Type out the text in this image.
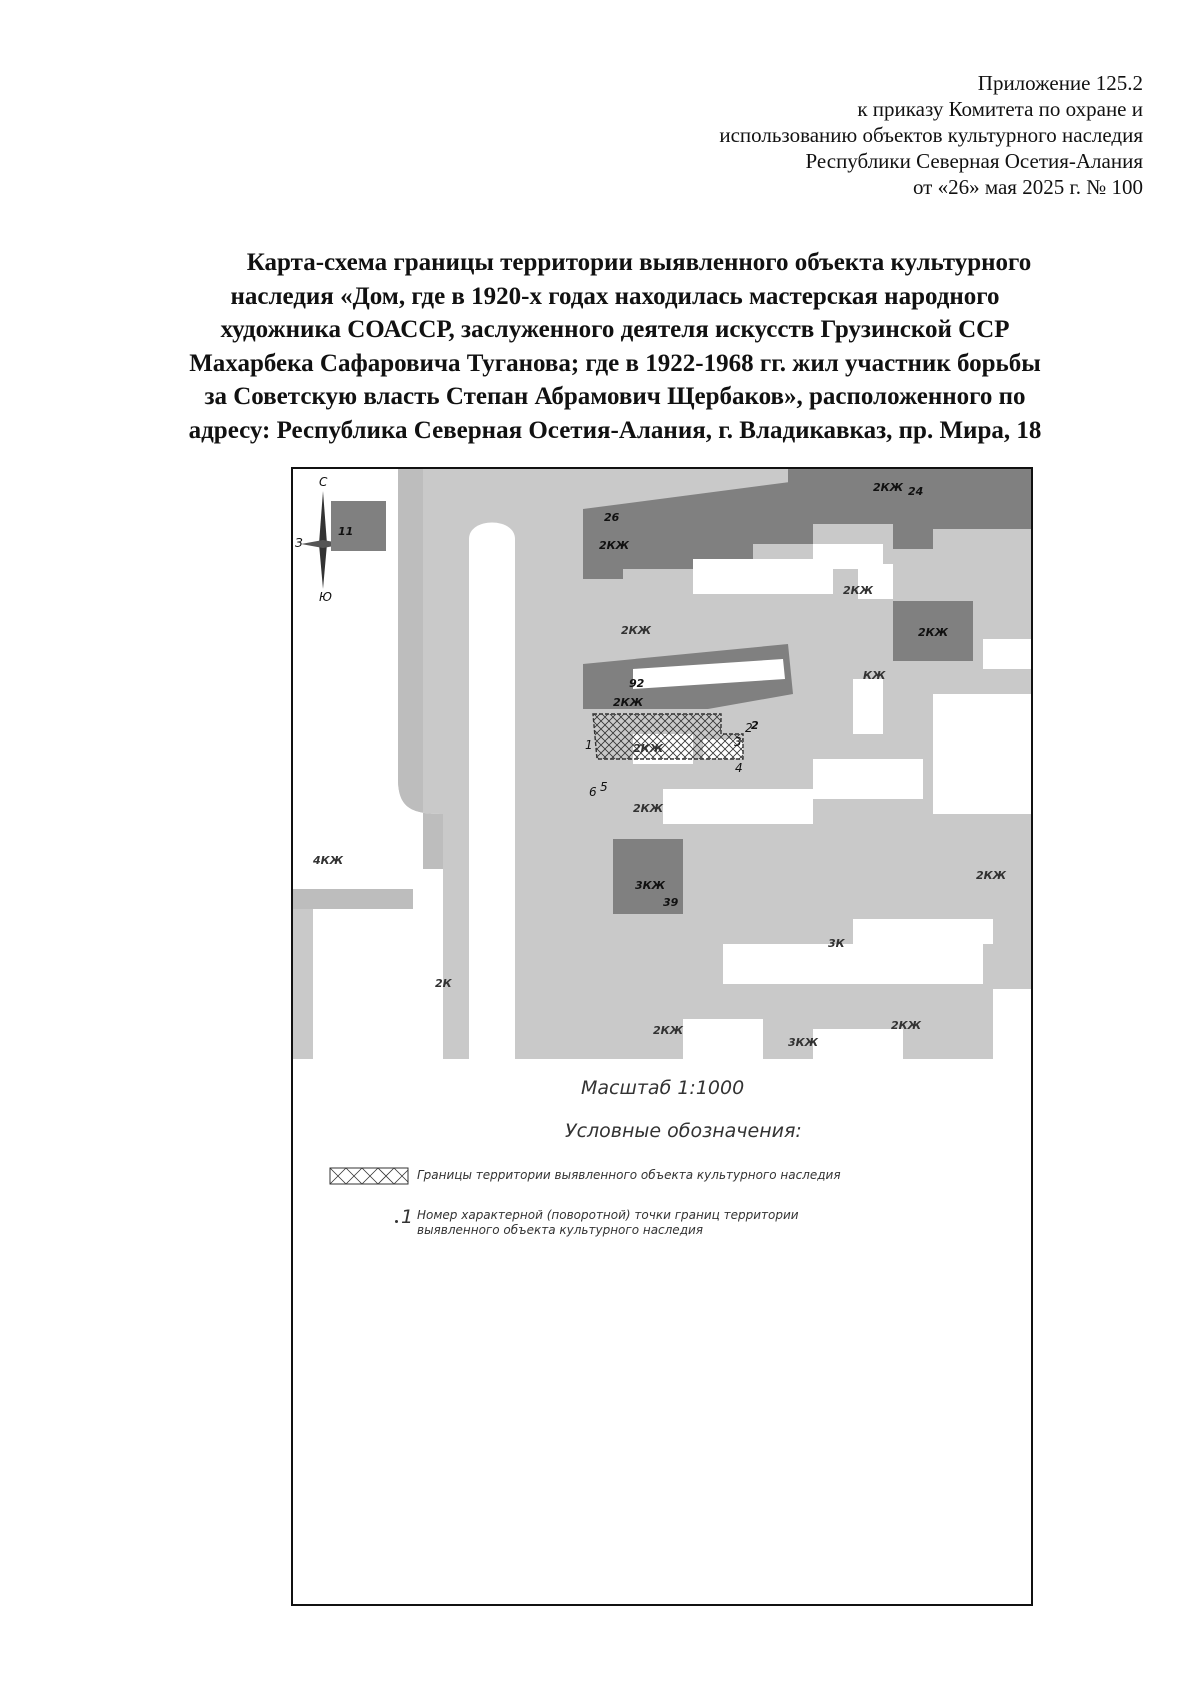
Приложение 125.2
к приказу Комитета по охране и
использованию объектов культурного наследия
Республики Северная Осетия-Алания
от «26» мая 2025 г. № 100
Карта-схема границы территории выявленного объекта культурного
наследия «Дом, где в 1920-х годах находилась мастерская народного
художника СОАССР, заслуженного деятеля искусств Грузинской ССР
Махарбека Сафаровича Туганова; где в 1922-1968 гг. жил участник борьбы
за Советскую власть Степан Абрамович Щербаков», расположенного по
адресу: Республика Северная Осетия-Алания, г. Владикавказ, пр. Мира, 18
С
З
Ю
11
2КЖ 24
26
2КЖ
2КЖ
2КЖ	2КЖ
КЖ
92
2КЖ
2
2КЖ
2КЖ
4КЖ
3КЖ
39
2К
3К
2КЖ
2КЖ
3КЖ
2КЖ
1
2
3
4
5
6
Масштаб 1:1000
Условные обозначения:
Границы территории выявленного объекта культурного наследия
1 Номер характерной (поворотной) точки границ территории
выявленного объекта культурного наследия
